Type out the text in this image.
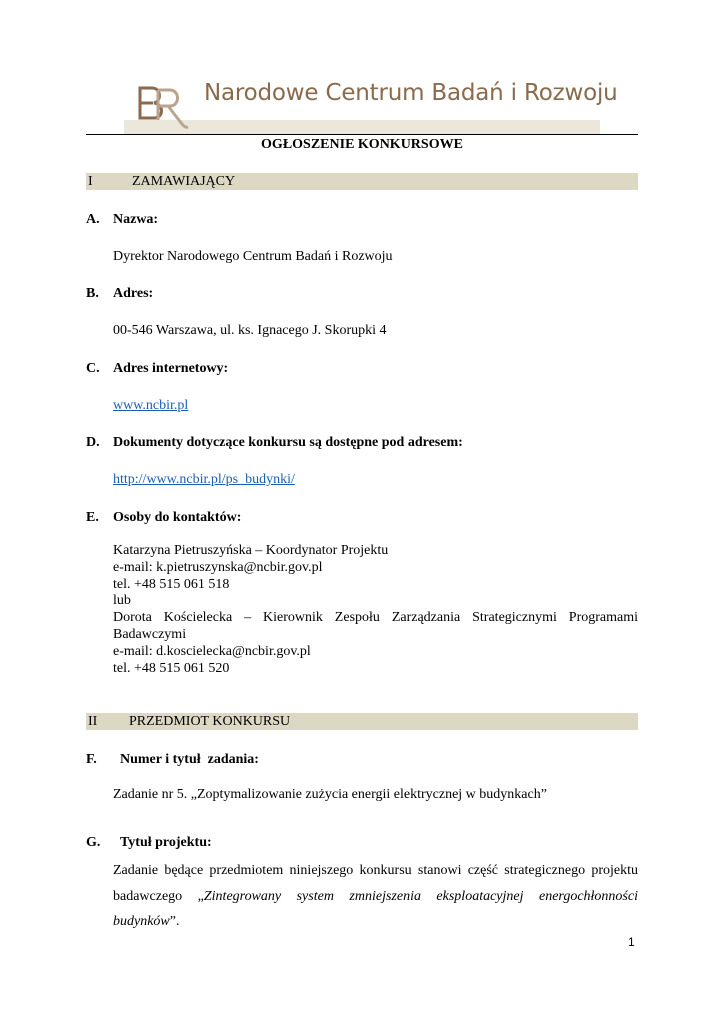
Narodowe Centrum Badań i Rozwoju
OGŁOSZENIE KONKURSOWE
I	ZAMAWIAJĄCY
A. Nazwa:
Dyrektor Narodowego Centrum Badań i Rozwoju
B. Adres:
00-546 Warszawa, ul. ks. Ignacego J. Skorupki 4
C. Adres internetowy:
www.ncbir.pl
D. Dokumenty dotyczące konkursu są dostępne pod adresem:
http://www.ncbir.pl/ps_budynki/
E. Osoby do kontaktów:
Katarzyna Pietruszyńska – Koordynator Projektu
e-mail: k.pietruszynska@ncbir.gov.pl
tel. +48 515 061 518
lub
Dorota Kościelecka – Kierownik Zespołu Zarządzania Strategicznymi Programami
Badawczymi
e-mail: d.koscielecka@ncbir.gov.pl
tel. +48 515 061 520
II PRZEDMIOT KONKURSU
F. Numer i tytuł  zadania:
Zadanie nr 5. „Zoptymalizowanie zużycia energii elektrycznej w budynkach”
G. Tytuł projektu:
Zadanie będące przedmiotem niniejszego konkursu stanowi część strategicznego projektu
badawczego „Zintegrowany system zmniejszenia eksploatacyjnej energochłonności
budynków”.
1
